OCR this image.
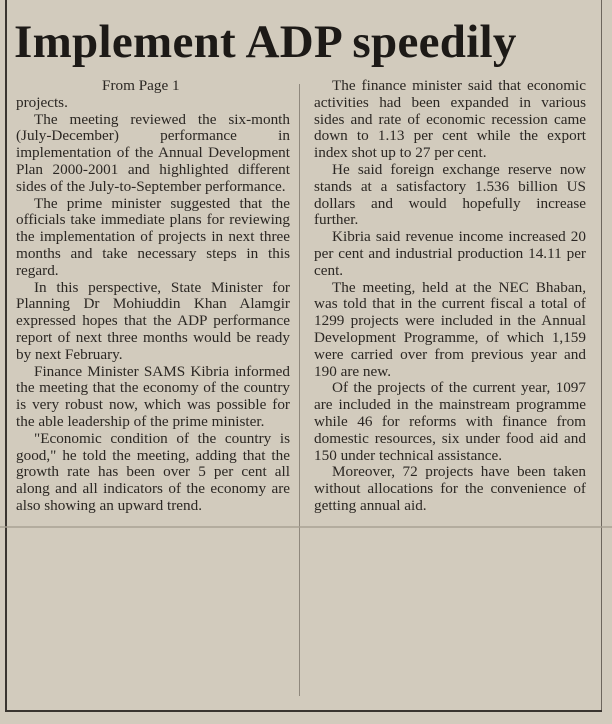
Implement ADP speedily

From Page 1

projects.

The meeting reviewed the six-month (July-December) performance in implementation of the Annual Development Plan 2000-2001 and highlighted different sides of the July-to-September performance.

The prime minister suggested that the officials take immediate plans for reviewing the implementation of projects in next three months and take necessary steps in this regard.

In this perspective, State Minister for Planning Dr Mohiuddin Khan Alamgir expressed hopes that the ADP performance report of next three months would be ready by next February.

Finance Minister SAMS Kibria informed the meeting that the economy of the country is very robust now, which was possible for the able leadership of the prime minister.

"Economic condition of the country is good," he told the meeting, adding that the growth rate has been over 5 per cent all along and all indicators of the economy are also showing an upward trend.

The finance minister said that economic activities had been expanded in various sides and rate of economic recession came down to 1.13 per cent while the export index shot up to 27 per cent.

He said foreign exchange reserve now stands at a satisfactory 1.536 billion US dollars and would hopefully increase further.

Kibria said revenue income increased 20 per cent and industrial production 14.11 per cent.

The meeting, held at the NEC Bhaban, was told that in the current fiscal a total of 1299 projects were included in the Annual Development Programme, of which 1,159 were carried over from previous year and 190 are new.

Of the projects of the current year, 1097 are included in the mainstream programme while 46 for reforms with finance from domestic resources, six under food aid and 150 under technical assistance.

Moreover, 72 projects have been taken without allocations for the convenience of getting annual aid.
